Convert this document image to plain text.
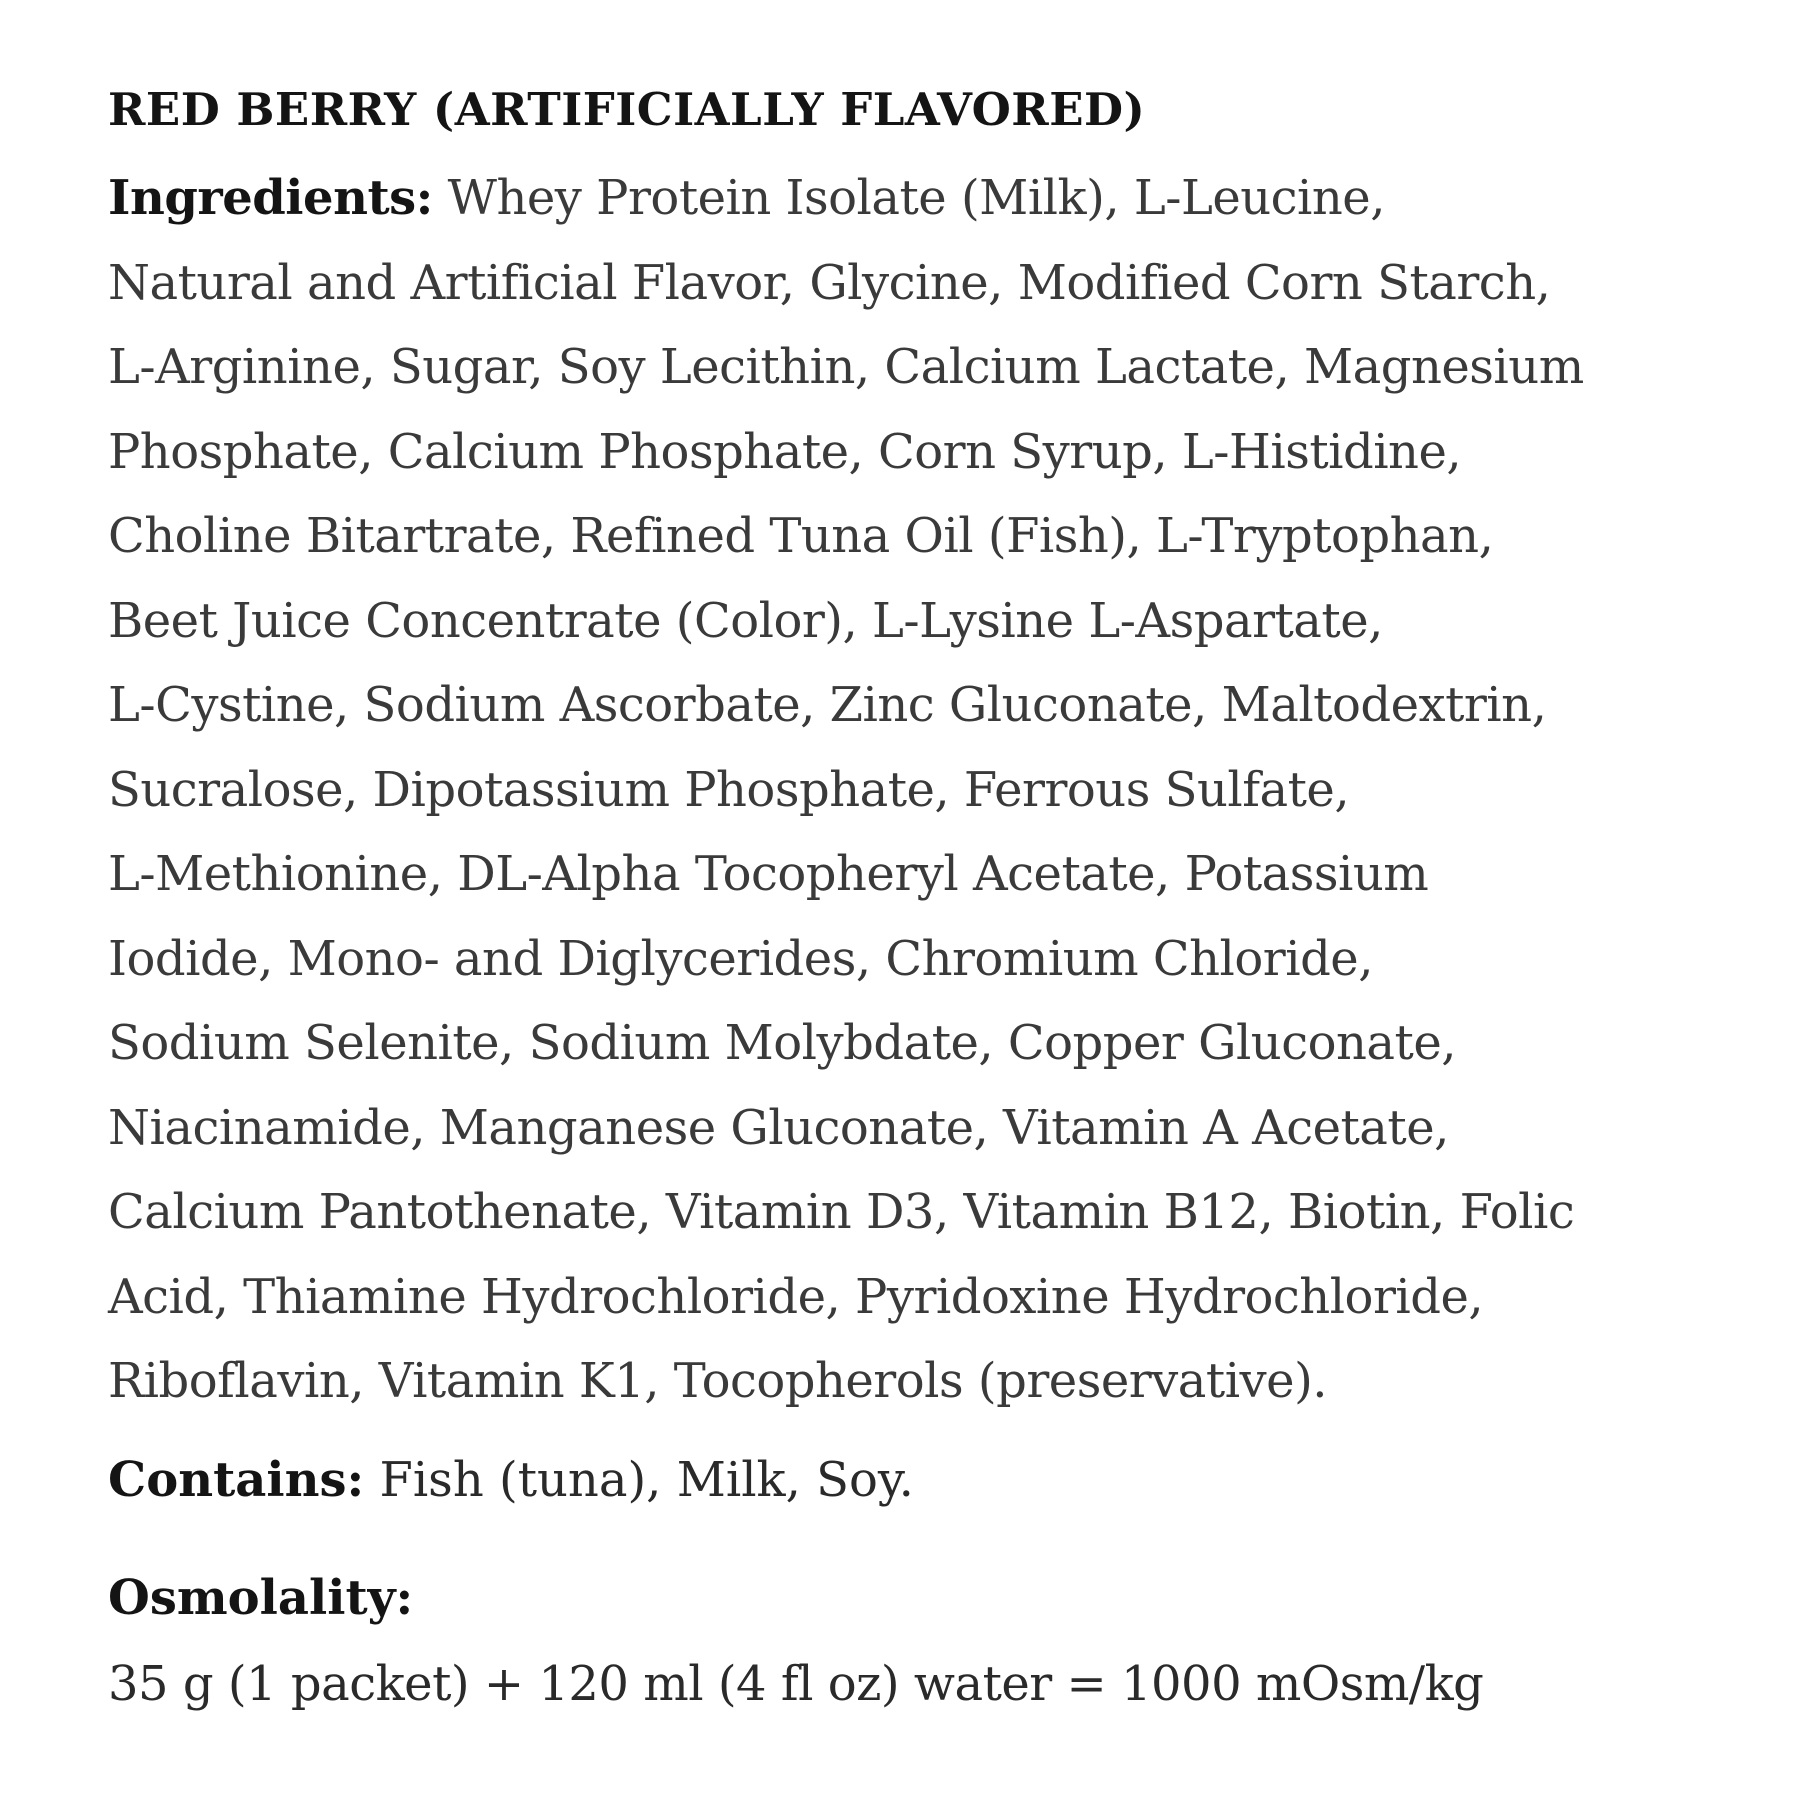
RED BERRY (ARTIFICIALLY FLAVORED)

Ingredients: Whey Protein Isolate (Milk), L-Leucine,
Natural and Artificial Flavor, Glycine, Modified Corn Starch,
L-Arginine, Sugar, Soy Lecithin, Calcium Lactate, Magnesium
Phosphate, Calcium Phosphate, Corn Syrup, L-Histidine,
Choline Bitartrate, Refined Tuna Oil (Fish), L-Tryptophan,
Beet Juice Concentrate (Color), L-Lysine L-Aspartate,
L-Cystine, Sodium Ascorbate, Zinc Gluconate, Maltodextrin,
Sucralose, Dipotassium Phosphate, Ferrous Sulfate,
L-Methionine, DL-Alpha Tocopheryl Acetate, Potassium
Iodide, Mono- and Diglycerides, Chromium Chloride,
Sodium Selenite, Sodium Molybdate, Copper Gluconate,
Niacinamide, Manganese Gluconate, Vitamin A Acetate,
Calcium Pantothenate, Vitamin D3, Vitamin B12, Biotin, Folic
Acid, Thiamine Hydrochloride, Pyridoxine Hydrochloride,
Riboflavin, Vitamin K1, Tocopherols (preservative).

Contains: Fish (tuna), Milk, Soy.

Osmolality:
35 g (1 packet) + 120 ml (4 fl oz) water = 1000 mOsm/kg
